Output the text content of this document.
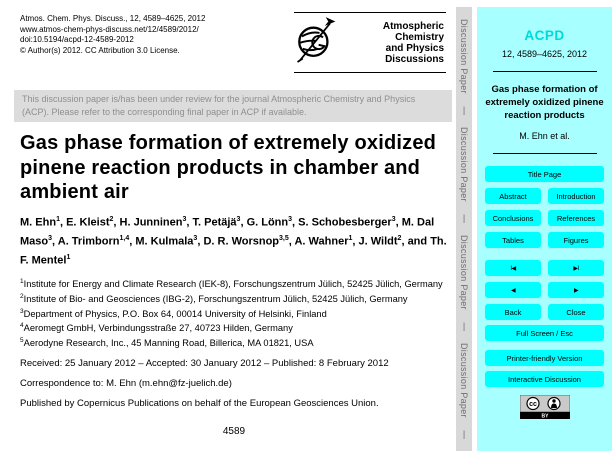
Atmos. Chem. Phys. Discuss., 12, 4589–4625, 2012
www.atmos-chem-phys-discuss.net/12/4589/2012/
doi:10.5194/acpd-12-4589-2012
© Author(s) 2012. CC Attribution 3.0 License.
Atmospheric
Chemistry
and Physics
Discussions
This discussion paper is/has been under review for the journal Atmospheric Chemistry and Physics (ACP). Please refer to the corresponding final paper in ACP if available.
Gas phase formation of extremely oxidized pinene reaction products in chamber and ambient air
M. Ehn$^1$, E. Kleist$^2$, H. Junninen$^3$, T. Petäjä$^3$, G. Lönn$^3$, S. Schobesberger$^3$, M. Dal Maso$^3$, A. Trimborn$^{1,4}$, M. Kulmala$^3$, D. R. Worsnop$^{3,5}$, A. Wahner$^1$, J. Wildt$^2$, and Th. F. Mentel$^1$
$^1$Institute for Energy and Climate Research (IEK-8), Forschungszentrum Jülich, 52425 Jülich, Germany
$^2$Institute of Bio- and Geosciences (IBG-2), Forschungszentrum Jülich, 52425 Jülich, Germany
$^3$Department of Physics, P.O. Box 64, 00014 University of Helsinki, Finland
$^4$Aeromegt GmbH, Verbindungsstraße 27, 40723 Hilden, Germany
$^5$Aerodyne Research, Inc., 45 Manning Road, Billerica, MA 01821, USA
Received: 25 January 2012 – Accepted: 30 January 2012 – Published: 8 February 2012
Correspondence to: M. Ehn (m.ehn@fz-juelich.de)
Published by Copernicus Publications on behalf of the European Geosciences Union.
4589
Discussion Paper
|
Discussion Paper
|
Discussion Paper
|
Discussion Paper
|
ACPD
12, 4589–4625, 2012
Gas phase formation of extremely oxidized pinene reaction products
M. Ehn et al.
Title Page
Abstract	Introduction
Conclusions	References
Tables	Figures
I◀	▶I
◀	▶
Back	Close
Full Screen / Esc
Printer-friendly Version
Interactive Discussion
cc
BY
